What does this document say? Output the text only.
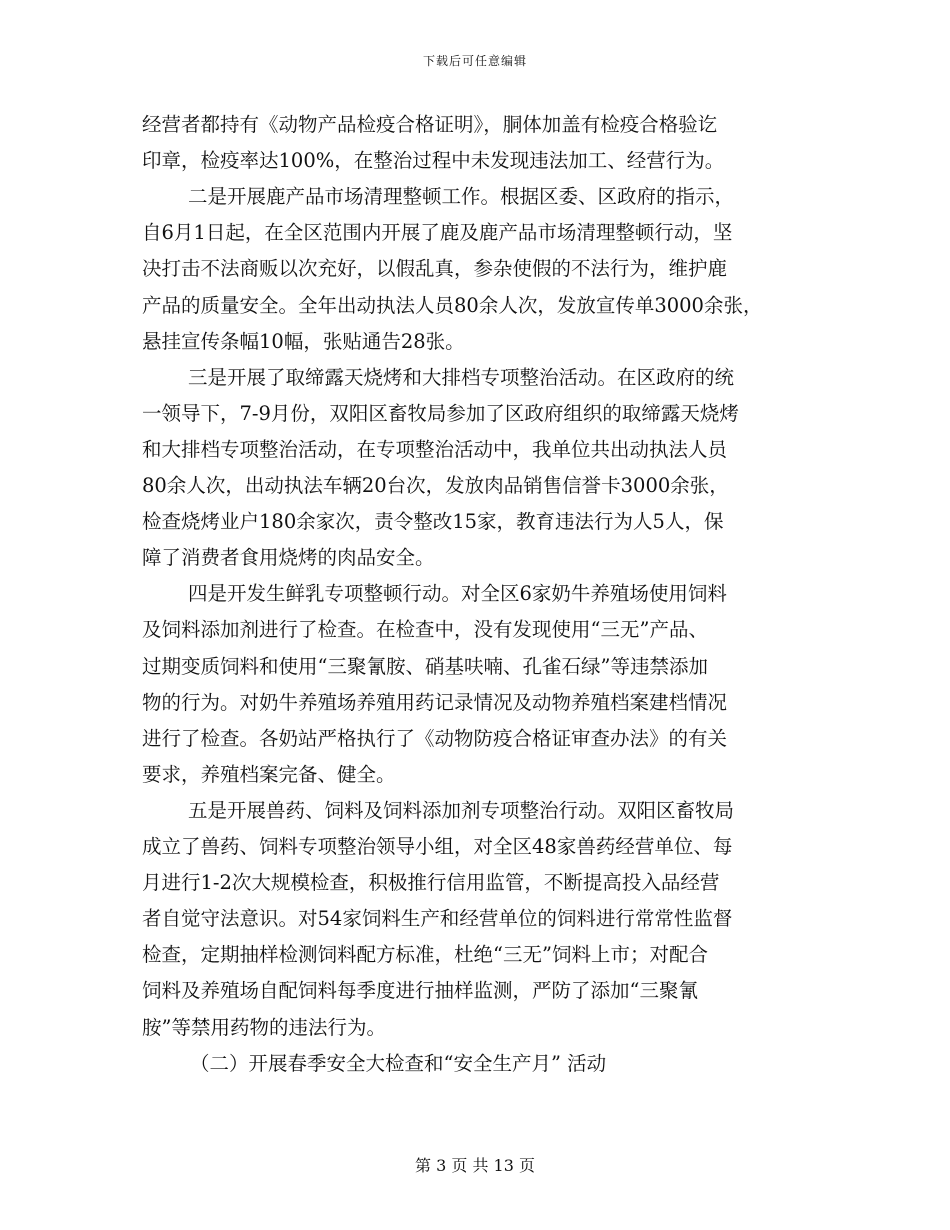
下载后可任意编辑
经营者都持有《动物产品检疫合格证明》，胴体加盖有检疫合格验讫
印章，检疫率达100%，在整治过程中未发现违法加工、经营行为。
二是开展鹿产品市场清理整顿工作。根据区委、区政府的指示，
自6月1日起，在全区范围内开展了鹿及鹿产品市场清理整顿行动，坚
决打击不法商贩以次充好，以假乱真，参杂使假的不法行为，维护鹿
产品的质量安全。全年出动执法人员80余人次，发放宣传单3000余张，
悬挂宣传条幅10幅，张贴通告28张。
三是开展了取缔露天烧烤和大排档专项整治活动。在区政府的统
一领导下，7-9月份，双阳区畜牧局参加了区政府组织的取缔露天烧烤
和大排档专项整治活动，在专项整治活动中，我单位共出动执法人员
80余人次，出动执法车辆20台次，发放肉品销售信誉卡3000余张，
检查烧烤业户180余家次，责令整改15家，教育违法行为人5人，保
障了消费者食用烧烤的肉品安全。
四是开发生鲜乳专项整顿行动。对全区6家奶牛养殖场使用饲料
及饲料添加剂进行了检查。在检查中，没有发现使用“三无”产品、
过期变质饲料和使用“三聚氰胺、硝基呋喃、孔雀石绿”等违禁添加
物的行为。对奶牛养殖场养殖用药记录情况及动物养殖档案建档情况
进行了检查。各奶站严格执行了《动物防疫合格证审查办法》的有关
要求，养殖档案完备、健全。
五是开展兽药、饲料及饲料添加剂专项整治行动。双阳区畜牧局
成立了兽药、饲料专项整治领导小组，对全区48家兽药经营单位、每
月进行1-2次大规模检查，积极推行信用监管，不断提高投入品经营
者自觉守法意识。对54家饲料生产和经营单位的饲料进行常常性监督
检查，定期抽样检测饲料配方标准，杜绝“三无”饲料上市；对配合
饲料及养殖场自配饲料每季度进行抽样监测，严防了添加“三聚氰
胺”等禁用药物的违法行为。
（二）开展春季安全大检查和“安全生产月” 活动
第 3 页 共 13 页
